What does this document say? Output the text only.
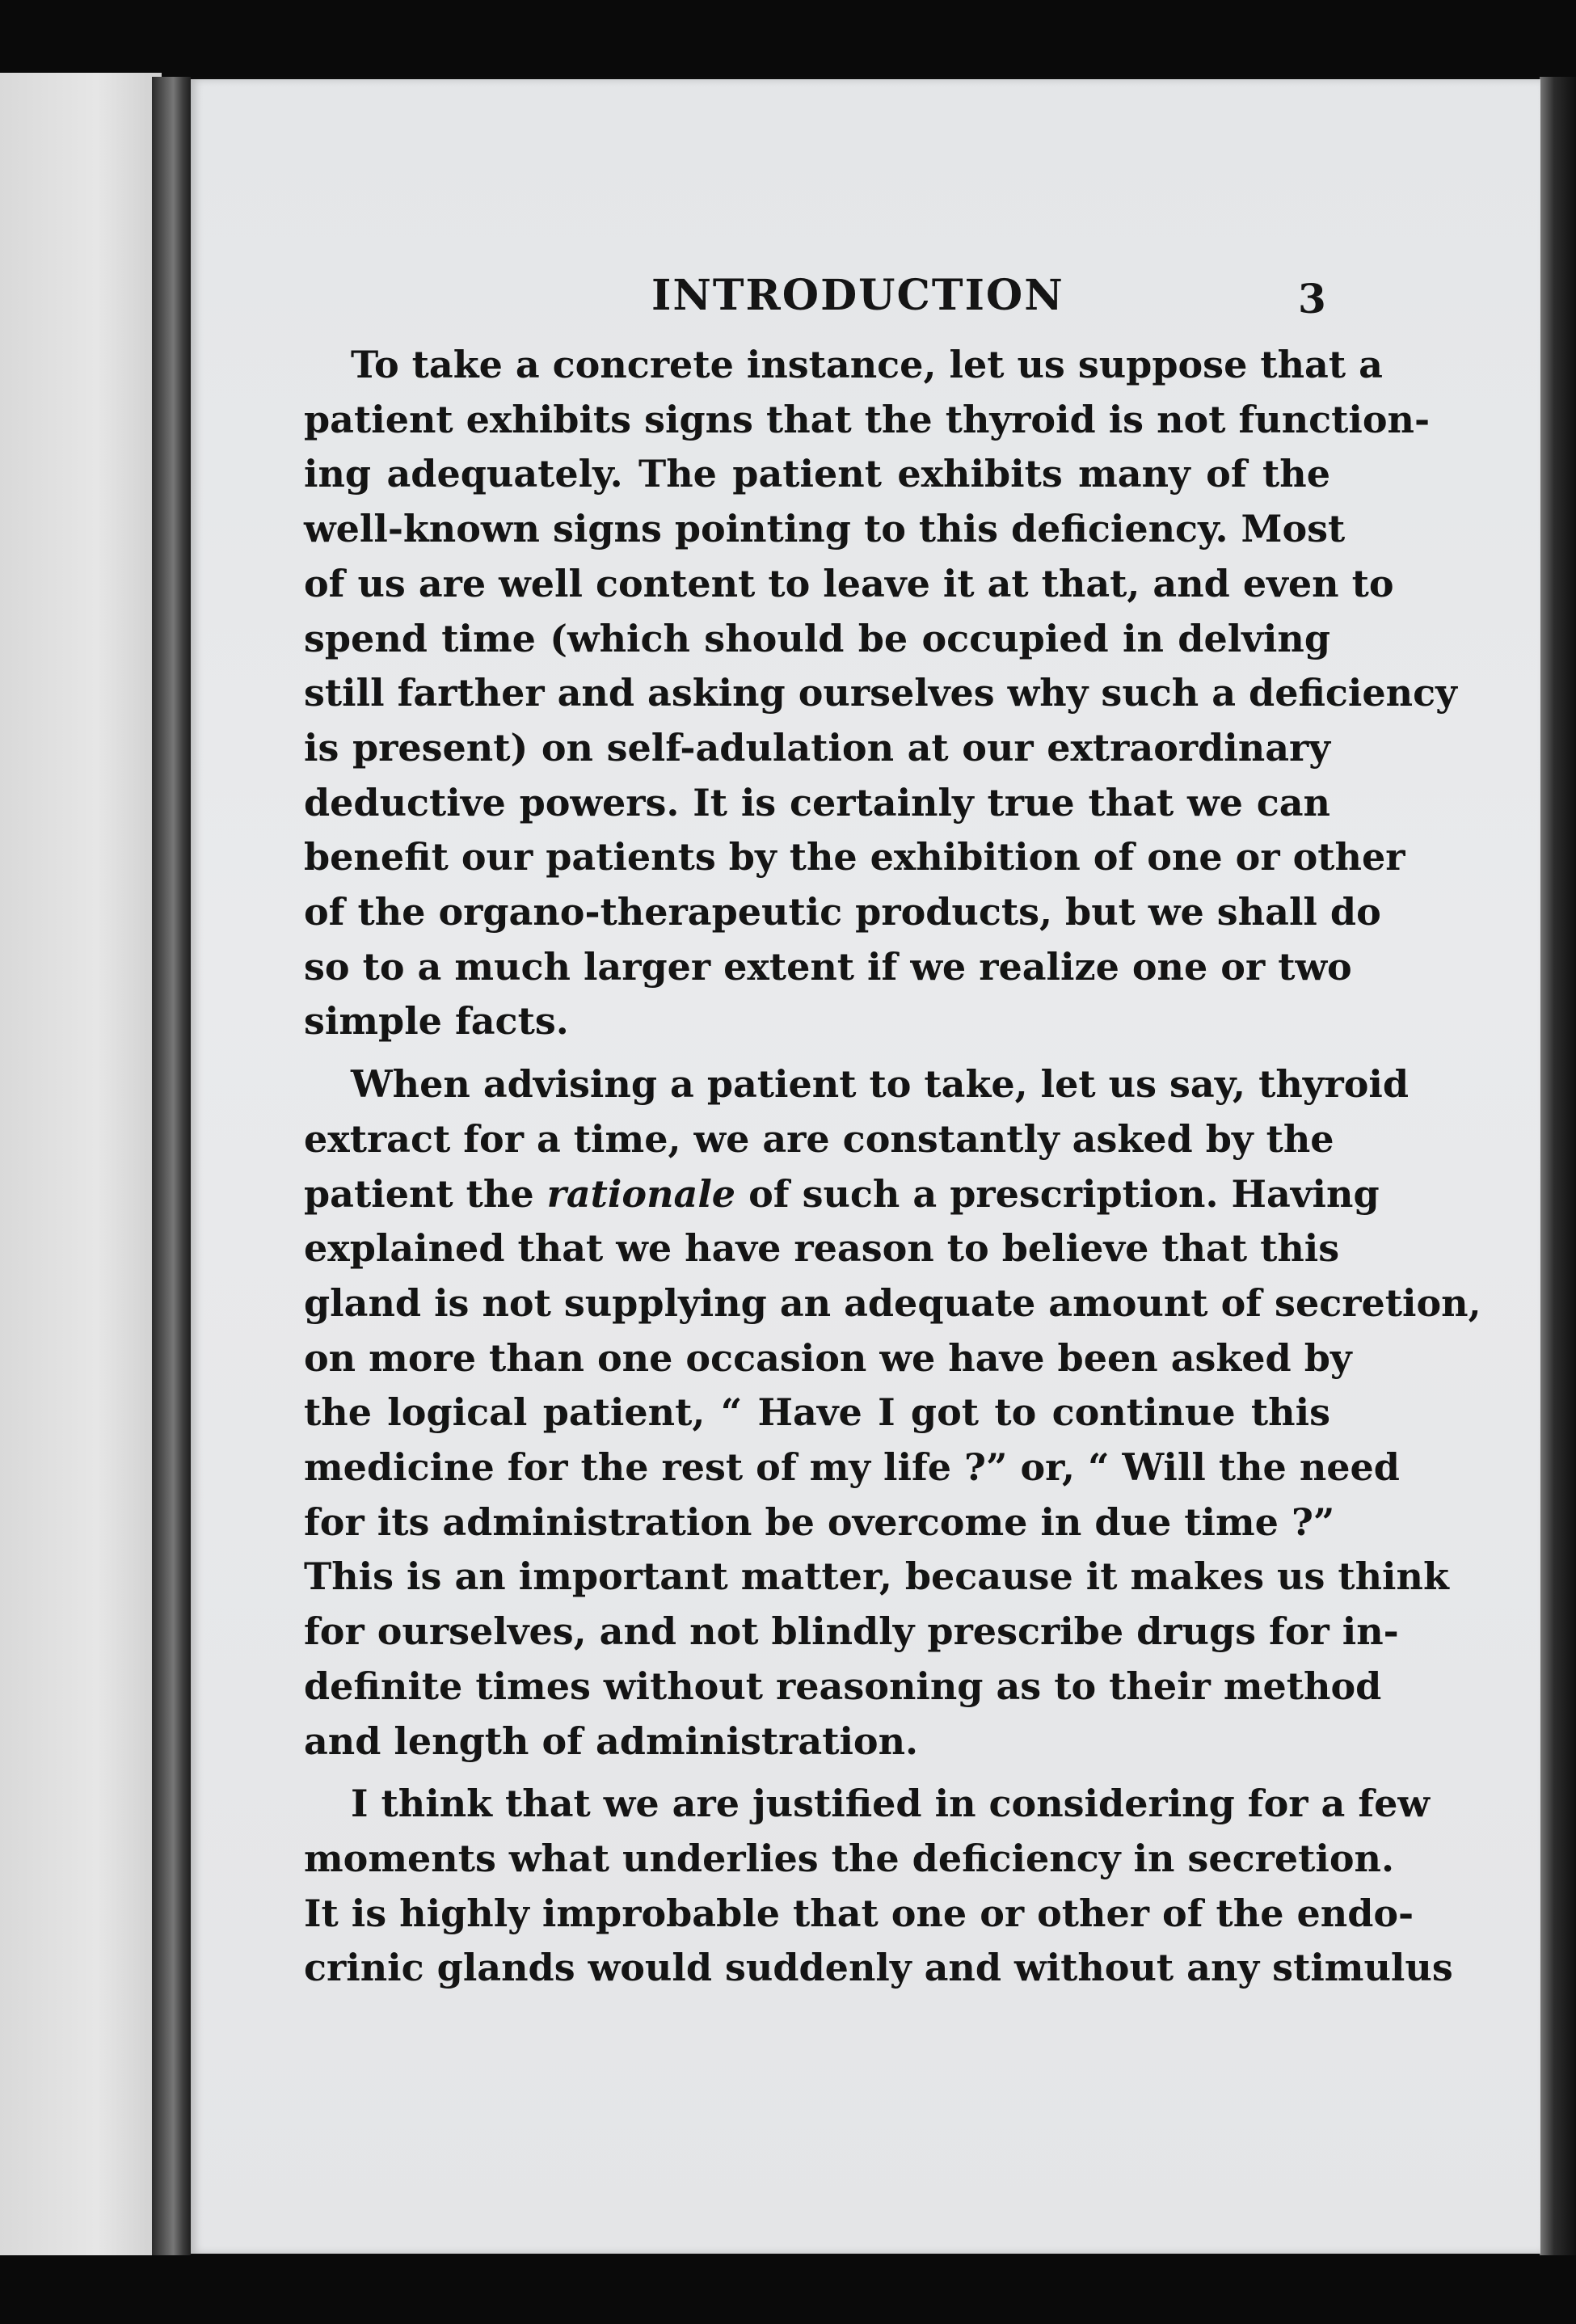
INTRODUCTION	3
To take a concrete instance, let us suppose that a
patient exhibits signs that the thyroid is not function-
ing adequately. The patient exhibits many of the
well-known signs pointing to this deficiency. Most
of us are well content to leave it at that, and even to
spend time (which should be occupied in delving
still farther and asking ourselves why such a deficiency
is present) on self-adulation at our extraordinary
deductive powers. It is certainly true that we can
benefit our patients by the exhibition of one or other
of the organo-therapeutic products, but we shall do
so to a much larger extent if we realize one or two
simple facts.
When advising a patient to take, let us say, thyroid
extract for a time, we are constantly asked by the
patient the rationale of such a prescription. Having
explained that we have reason to believe that this
gland is not supplying an adequate amount of secretion,
on more than one occasion we have been asked by
the logical patient, “ Have I got to continue this
medicine for the rest of my life ?” or, “ Will the need
for its administration be overcome in due time ?”
This is an important matter, because it makes us think
for ourselves, and not blindly prescribe drugs for in-
definite times without reasoning as to their method
and length of administration.
I think that we are justified in considering for a few
moments what underlies the deficiency in secretion.
It is highly improbable that one or other of the endo-
crinic glands would suddenly and without any stimulus
